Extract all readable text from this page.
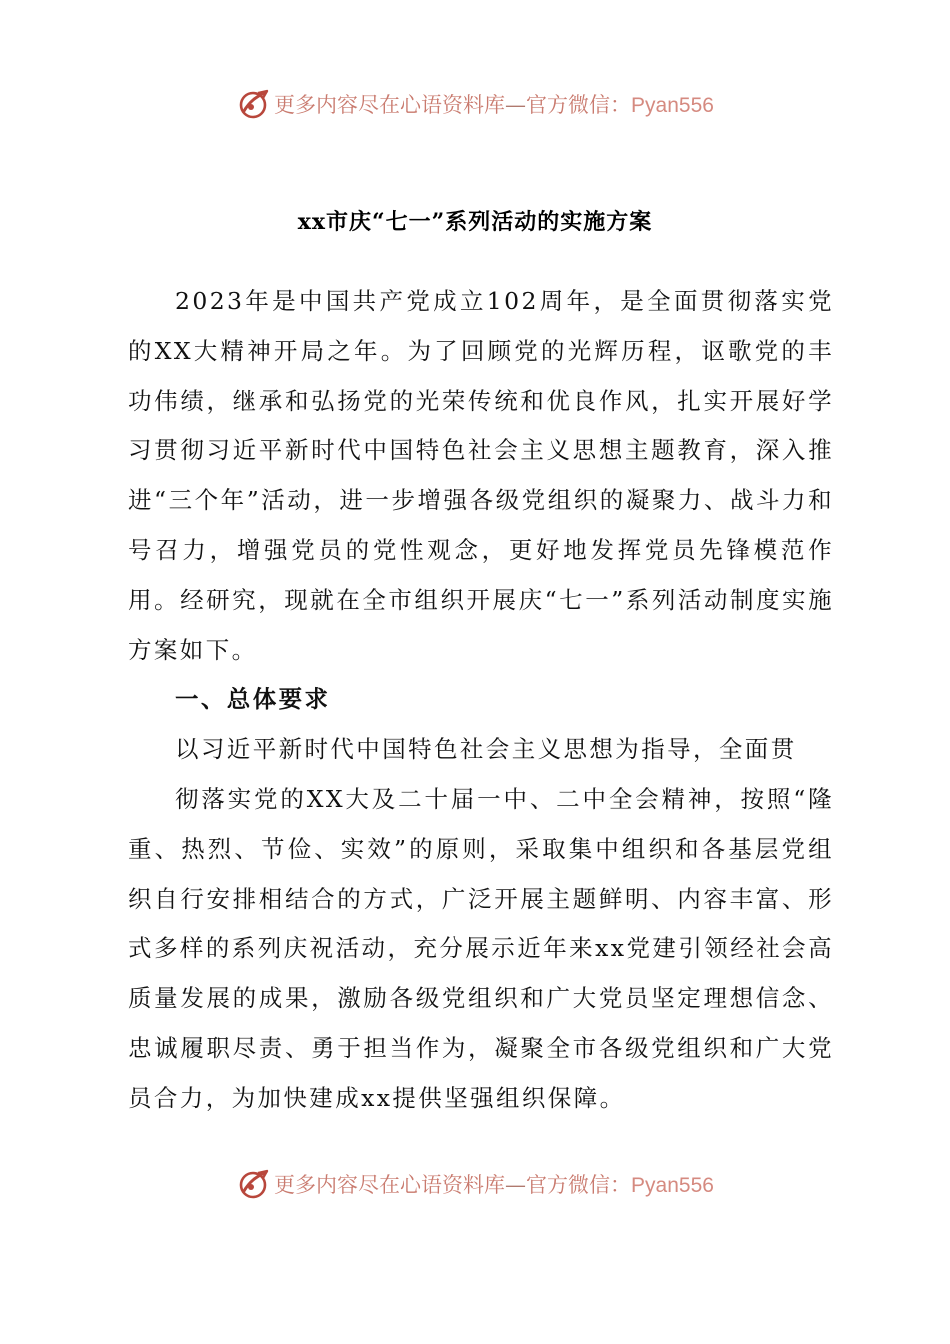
更多内容尽在心语资料库—官方微信：Pyan556
xx市庆“七一”系列活动的实施方案

2023年是中国共产党成立102周年，是全面贯彻落实党的XX大精神开局之年。为了回顾党的光辉历程，讴歌党的丰功伟绩，继承和弘扬党的光荣传统和优良作风，扎实开展好学习贯彻习近平新时代中国特色社会主义思想主题教育，深入推进“三个年”活动，进一步增强各级党组织的凝聚力、战斗力和号召力，增强党员的党性观念，更好地发挥党员先锋模范作用。经研究，现就在全市组织开展庆“七一”系列活动制度实施方案如下。

一、总体要求

以习近平新时代中国特色社会主义思想为指导，全面贯

彻落实党的XX大及二十届一中、二中全会精神，按照“隆重、热烈、节俭、实效”的原则，采取集中组织和各基层党组织自行安排相结合的方式，广泛开展主题鲜明、内容丰富、形式多样的系列庆祝活动，充分展示近年来xx党建引领经社会高质量发展的成果，激励各级党组织和广大党员坚定理想信念、忠诚履职尽责、勇于担当作为，凝聚全市各级党组织和广大党员合力，为加快建成xx提供坚强组织保障。

更多内容尽在心语资料库—官方微信：Pyan556
